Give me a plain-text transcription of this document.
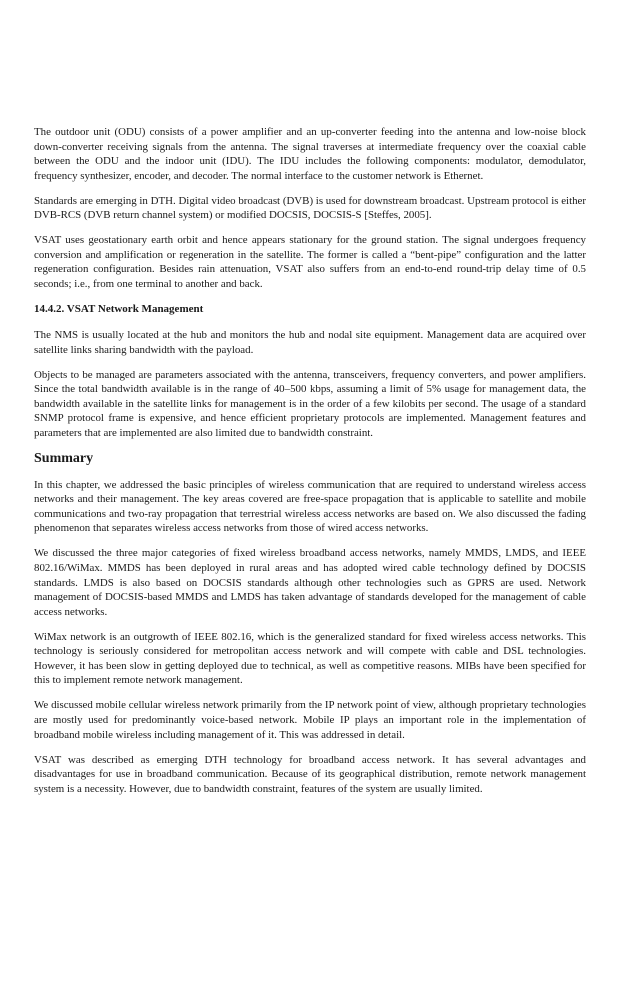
The outdoor unit (ODU) consists of a power amplifier and an up-converter feeding into the antenna and low-noise block down-converter receiving signals from the antenna. The signal traverses at intermediate frequency over the coaxial cable between the ODU and the indoor unit (IDU). The IDU includes the following components: modulator, demodulator, frequency synthesizer, encoder, and decoder. The normal interface to the customer network is Ethernet.

Standards are emerging in DTH. Digital video broadcast (DVB) is used for downstream broadcast. Upstream protocol is either DVB-RCS (DVB return channel system) or modified DOCSIS, DOCSIS-S [Steffes, 2005].

VSAT uses geostationary earth orbit and hence appears stationary for the ground station. The signal undergoes frequency conversion and amplification or regeneration in the satellite. The former is called a “bent-pipe” configuration and the latter regeneration configuration. Besides rain attenuation, VSAT also suffers from an end-to-end round-trip delay time of 0.5 seconds; i.e., from one terminal to another and back.

14.4.2. VSAT Network Management

The NMS is usually located at the hub and monitors the hub and nodal site equipment. Management data are acquired over satellite links sharing bandwidth with the payload.

Objects to be managed are parameters associated with the antenna, transceivers, frequency converters, and power amplifiers. Since the total bandwidth available is in the range of 40–500 kbps, assuming a limit of 5% usage for management data, the bandwidth available in the satellite links for management is in the order of a few kilobits per second. The usage of a standard SNMP protocol frame is expensive, and hence efficient proprietary protocols are implemented. Management features and parameters that are implemented are also limited due to bandwidth constraint.

Summary

In this chapter, we addressed the basic principles of wireless communication that are required to understand wireless access networks and their management. The key areas covered are free-space propagation that is applicable to satellite and mobile communications and two-ray propagation that terrestrial wireless access networks are based on. We also discussed the fading phenomenon that separates wireless access networks from those of wired access networks.

We discussed the three major categories of fixed wireless broadband access networks, namely MMDS, LMDS, and IEEE 802.16/WiMax. MMDS has been deployed in rural areas and has adopted wired cable technology defined by DOCSIS standards. LMDS is also based on DOCSIS standards although other technologies such as GPRS are used. Network management of DOCSIS-based MMDS and LMDS has taken advantage of standards developed for the management of cable access networks.

WiMax network is an outgrowth of IEEE 802.16, which is the generalized standard for fixed wireless access networks. This technology is seriously considered for metropolitan access network and will compete with cable and DSL technologies. However, it has been slow in getting deployed due to technical, as well as competitive reasons. MIBs have been specified for this to implement remote network management.

We discussed mobile cellular wireless network primarily from the IP network point of view, although proprietary technologies are mostly used for predominantly voice-based network. Mobile IP plays an important role in the implementation of broadband mobile wireless including management of it. This was addressed in detail.

VSAT was described as emerging DTH technology for broadband access network. It has several advantages and disadvantages for use in broadband communication. Because of its geographical distribution, remote network management system is a necessity. However, due to bandwidth constraint, features of the system are usually limited.
